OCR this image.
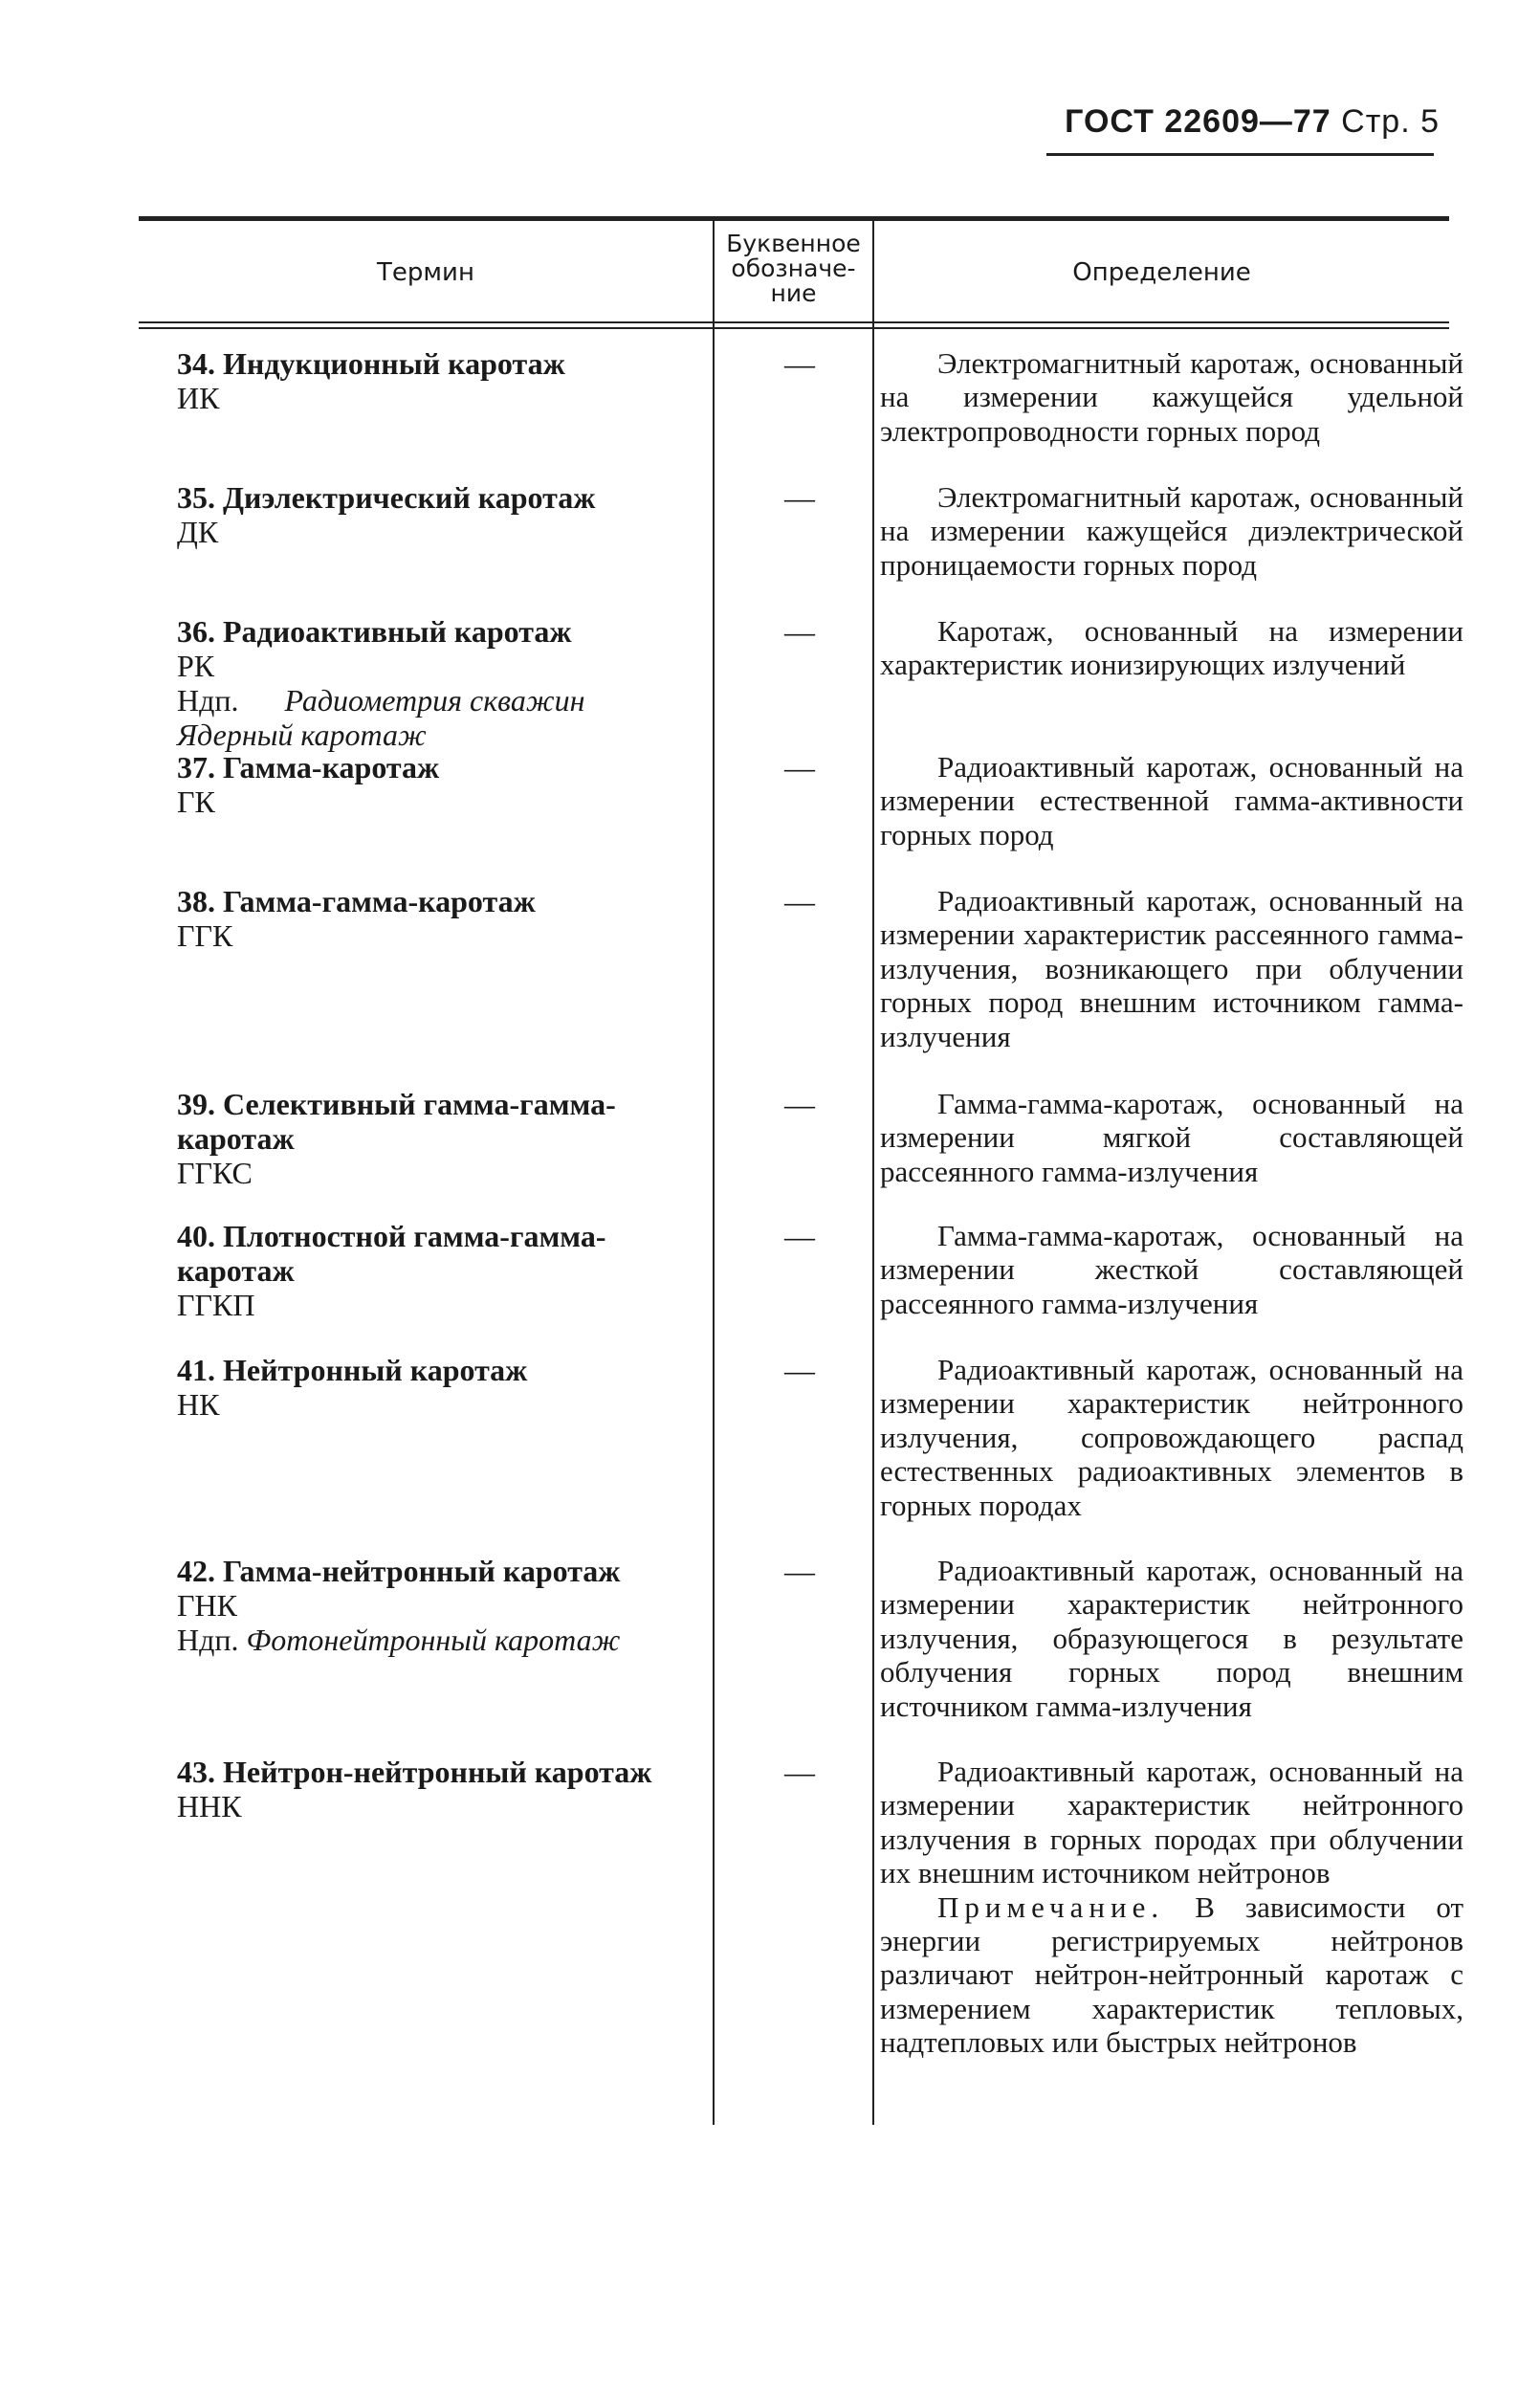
ГОСТ 22609—77 Стр. 5
Термин
Буквенное
обозначе-
ние
Определение
34. Индукционный каротаж
ИК
—	Электромагнитный каротаж, основанный на измерении кажущейся удельной электропроводности горных пород

35. Диэлектрический каротаж
ДК
—	Электромагнитный каротаж, основанный на измерении кажущейся диэлектрической проницаемости горных пород

36. Радиоактивный каротаж
РК
Ндп. Радиометрия скважин
Ядерный каротаж
—	Каротаж, основанный на измерении характеристик ионизирующих излучений

37. Гамма-каротаж
ГК
—	Радиоактивный каротаж, основанный на измерении естественной гамма-активности горных пород

38. Гамма-гамма-каротаж
ГГК
—	Радиоактивный каротаж, основанный на измерении характеристик рассеянного гамма-излучения, возникающего при облучении горных пород внешним источником гамма-излучения

39. Селективный гамма-гамма-каротаж
ГГКС
—	Гамма-гамма-каротаж, основанный на измерении мягкой составляющей рассеянного гамма-излучения

40. Плотностной гамма-гамма-каротаж
ГГКП
—	Гамма-гамма-каротаж, основанный на измерении жесткой составляющей рассеянного гамма-излучения

41. Нейтронный каротаж
НК
—	Радиоактивный каротаж, основанный на измерении характеристик нейтронного излучения, сопровождающего распад естественных радиоактивных элементов в горных породах

42. Гамма-нейтронный каротаж
ГНК
Ндп. Фотонейтронный каротаж
—	Радиоактивный каротаж, основанный на измерении характеристик нейтронного излучения, образующегося в результате облучения горных пород внешним источником гамма-излучения

43. Нейтрон-нейтронный каротаж
ННК
—	Радиоактивный каротаж, основанный на измерении характеристик нейтронного излучения в горных породах при облучении их внешним источником нейтронов

Примечание. В зависимости от энергии регистрируемых нейтронов различают нейтрон-нейтронный каротаж с измерением характеристик тепловых, надтепловых или быстрых нейтронов
